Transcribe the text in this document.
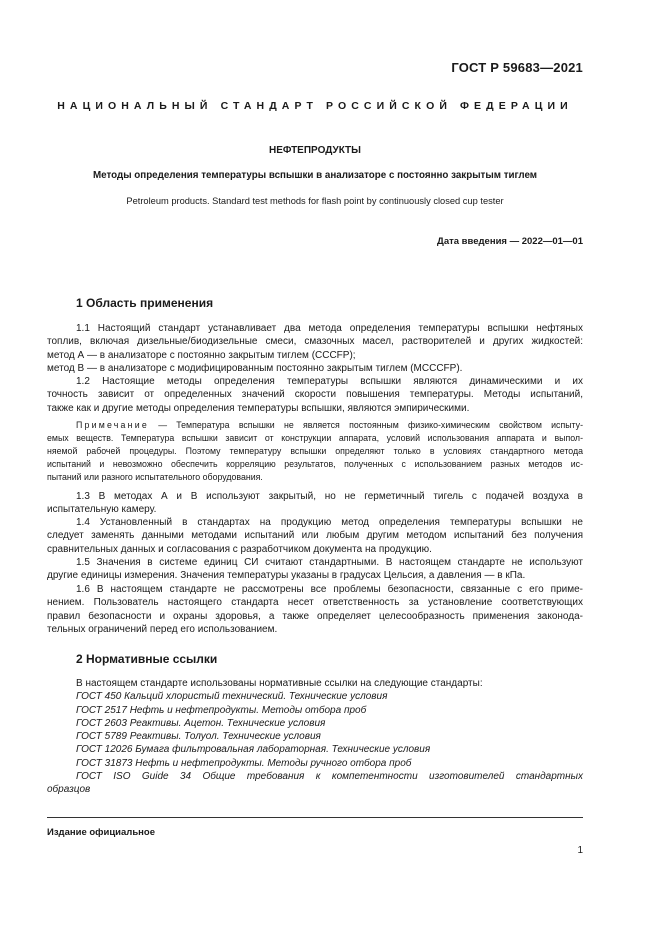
ГОСТ Р 59683—2021
НАЦИОНАЛЬНЫЙ СТАНДАРТ РОССИЙСКОЙ ФЕДЕРАЦИИ
НЕФТЕПРОДУКТЫ
Методы определения температуры вспышки в анализаторе с постоянно закрытым тиглем
Petroleum products. Standard test methods for flash point by continuously closed cup tester
Дата введения — 2022—01—01
1 Область применения
1.1 Настоящий стандарт устанавливает два метода определения температуры вспышки нефтяных
топлив, включая дизельные/биодизельные смеси, смазочных масел, растворителей и других жидкостей:
метод А — в анализаторе с постоянно закрытым тиглем (CCCFP);
метод В — в анализаторе с модифицированным постоянно закрытым тиглем (MCCCFP).
1.2 Настоящие методы определения температуры вспышки являются динамическими и их
точность зависит от определенных значений скорости повышения температуры. Методы испытаний,
также как и другие методы определения температуры вспышки, являются эмпирическими.
Примечание — Температура вспышки не является постоянным физико-химическим свойством испыту-
емых веществ. Температура вспышки зависит от конструкции аппарата, условий использования аппарата и выпол-
няемой рабочей процедуры. Поэтому температуру вспышки определяют только в условиях стандартного метода
испытаний и невозможно обеспечить корреляцию результатов, полученных с использованием разных методов ис-
пытаний или разного испытательного оборудования.
1.3 В методах А и В используют закрытый, но не герметичный тигель с подачей воздуха в
испытательную камеру.
1.4 Установленный в стандартах на продукцию метод определения температуры вспышки не
следует заменять данными методами испытаний или любым другим методом испытаний без получения
сравнительных данных и согласования с разработчиком документа на продукцию.
1.5 Значения в системе единиц СИ считают стандартными. В настоящем стандарте не используют
другие единицы измерения. Значения температуры указаны в градусах Цельсия, а давления — в кПа.
1.6 В настоящем стандарте не рассмотрены все проблемы безопасности, связанные с его приме-
нением. Пользователь настоящего стандарта несет ответственность за установление соответствующих
правил безопасности и охраны здоровья, а также определяет целесообразность применения законода-
тельных ограничений перед его использованием.
2 Нормативные ссылки
В настоящем стандарте использованы нормативные ссылки на следующие стандарты:
ГОСТ 450 Кальций хлористый технический. Технические условия
ГОСТ 2517 Нефть и нефтепродукты. Методы отбора проб
ГОСТ 2603 Реактивы. Ацетон. Технические условия
ГОСТ 5789 Реактивы. Толуол. Технические условия
ГОСТ 12026 Бумага фильтровальная лабораторная. Технические условия
ГОСТ 31873 Нефть и нефтепродукты. Методы ручного отбора проб
ГОСТ ISO Guide 34 Общие требования к компетентности изготовителей стандартных
образцов
Издание официальное
1
